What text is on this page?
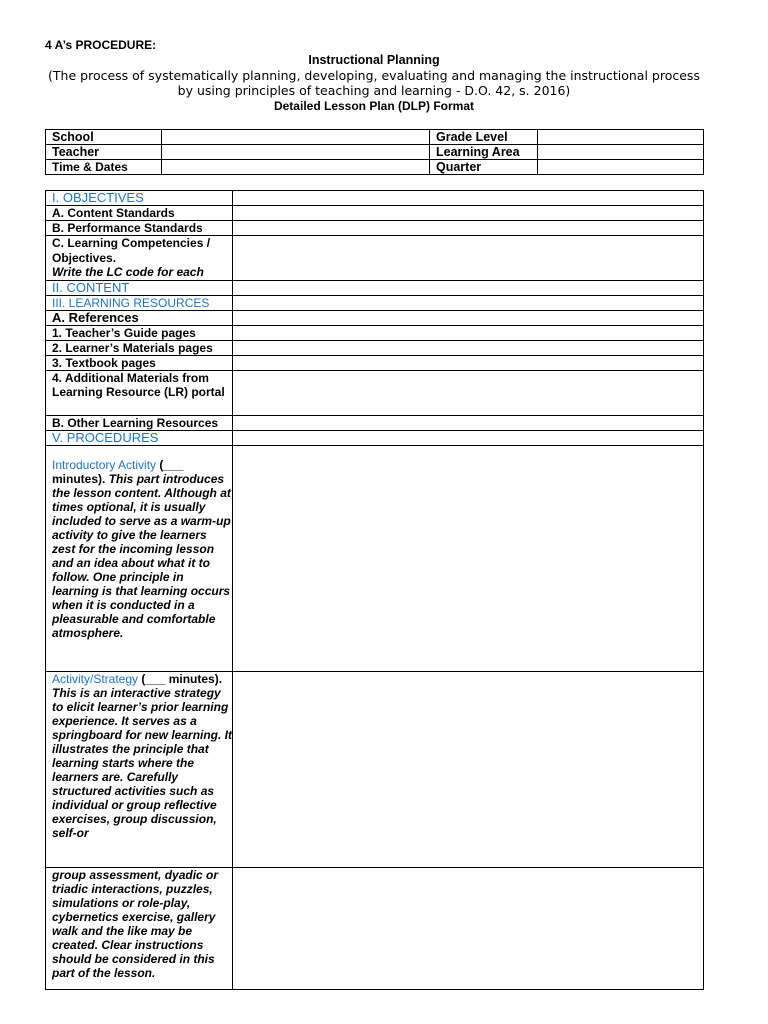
4 A’s PROCEDURE:
Instructional Planning
(The process of systematically planning, developing, evaluating and managing the instructional process by using principles of teaching and learning - D.O. 42, s. 2016)
Detailed Lesson Plan (DLP) Format
School		Grade Level	
Teacher		Learning Area	
Time & Dates		Quarter	
I. OBJECTIVES	
A. Content Standards	
B. Performance Standards	
C. Learning Competencies / Objectives.
Write the LC code for each	
II. CONTENT	
III. LEARNING RESOURCES	
A. References	
1. Teacher’s Guide pages	
2. Learner’s Materials pages	
3. Textbook pages	
4. Additional Materials from Learning Resource (LR) portal	
B. Other Learning Resources	
V. PROCEDURES	

Introductory Activity (___ minutes). This part introduces the lesson content. Although at times optional, it is usually included to serve as a warm-up activity to give the learners zest for the incoming lesson and an idea about what it to follow. One principle in learning is that learning occurs when it is conducted in a pleasurable and comfortable atmosphere.	
Activity/Strategy (___ minutes). This is an interactive strategy to elicit learner’s prior learning experience. It serves as a springboard for new learning. It illustrates the principle that learning starts where the learners are. Carefully structured activities such as individual or group reflective exercises, group discussion, self-or	
group assessment, dyadic or triadic interactions, puzzles, simulations or role-play, cybernetics exercise, gallery walk and the like may be created. Clear instructions should be considered in this part of the lesson.	
